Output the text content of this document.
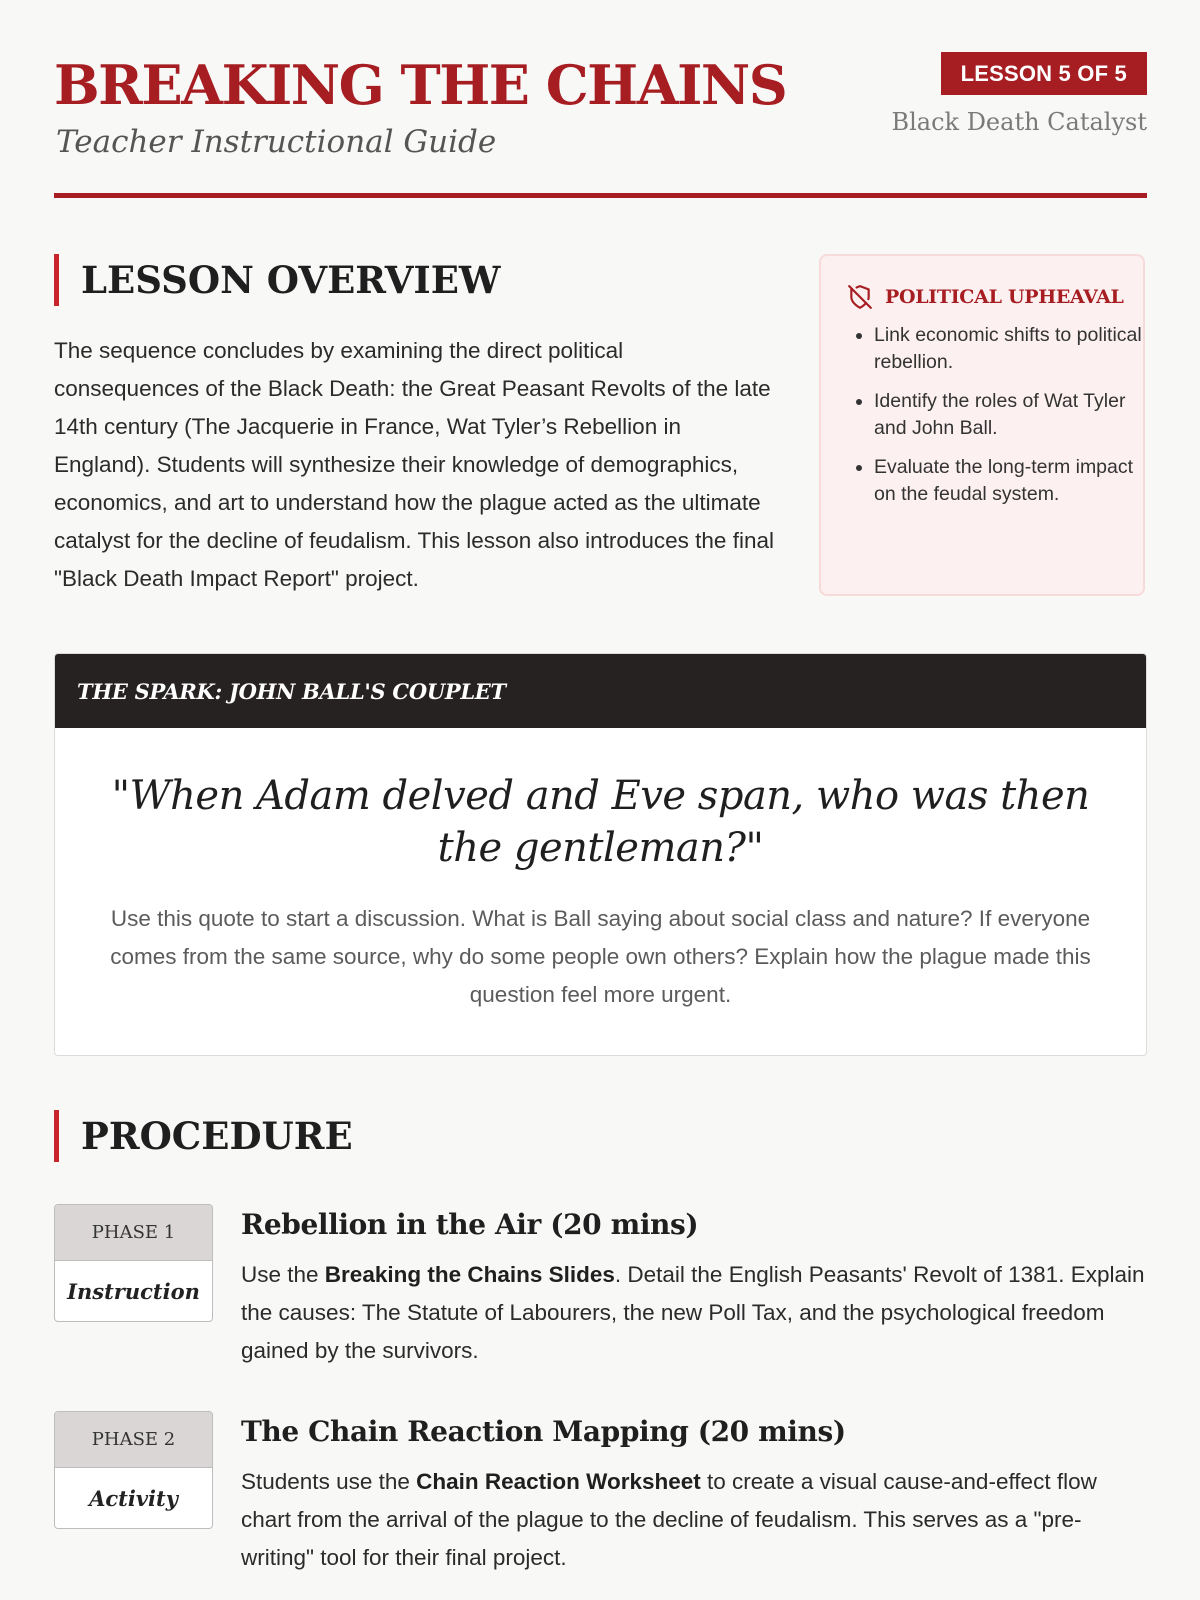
BREAKING THE CHAINS

Teacher Instructional Guide

LESSON 5 OF 5
Black Death Catalyst
LESSON OVERVIEW

The sequence concludes by examining the direct political consequences of the Black Death: the Great Peasant Revolts of the late 14th century (The Jacquerie in France, Wat Tyler’s Rebellion in England). Students will synthesize their knowledge of demographics, economics, and art to understand how the plague acted as the ultimate catalyst for the decline of feudalism. This lesson also introduces the final "Black Death Impact Report" project.

POLITICAL UPHEAVAL
• Link economic shifts to political rebellion.
• Identify the roles of Wat Tyler and John Ball.
• Evaluate the long-term impact on the feudal system.
THE SPARK: JOHN BALL'S COUPLET

"When Adam delved and Eve span, who was then the gentleman?"

Use this quote to start a discussion. What is Ball saying about social class and nature? If everyone comes from the same source, why do some people own others? Explain how the plague made this question feel more urgent.

PROCEDURE
PHASE 1
Instruction
Rebellion in the Air (20 mins)

Use the Breaking the Chains Slides. Detail the English Peasants' Revolt of 1381. Explain the causes: The Statute of Labourers, the new Poll Tax, and the psychological freedom gained by the survivors.

PHASE 2
Activity
The Chain Reaction Mapping (20 mins)

Students use the Chain Reaction Worksheet to create a visual cause-and-effect flow chart from the arrival of the plague to the decline of feudalism. This serves as a "pre-writing" tool for their final project.
